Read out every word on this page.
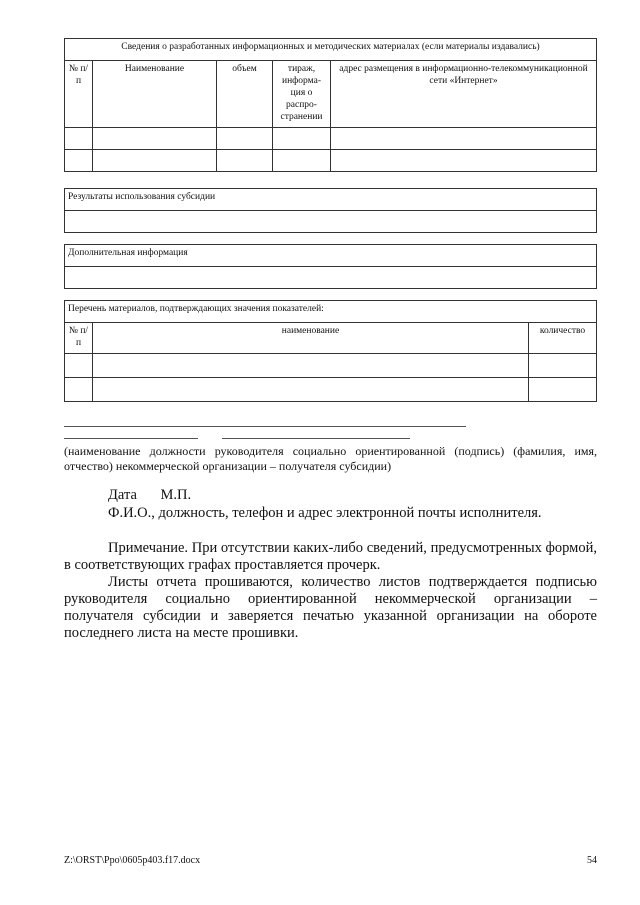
Сведения о разработанных информационных и методических материалах (если материалы издавались)				
№ п/п	Наименование	объем	тираж, информа-ция о распро-странении	адрес размещения в информационно-телекоммуникационной сети «Интернет»

Результаты использования субсидии

Дополнительная информация

Перечень материалов, подтверждающих значения показателей:		
№ п/п	наименование	количество

(наименование должности руководителя социально ориентированной (подпись) (фамилия, имя, отчество) некоммерческой организации – получателя субсидии)
Дата М.П.
Ф.И.О., должность, телефон и адрес электронной почты исполнителя.

Примечание. При отсутствии каких-либо сведений, предусмотренных формой, в соответствующих графах проставляется прочерк.

Листы отчета прошиваются, количество листов подтверждается подписью руководителя социально ориентированной некоммерческой организации – получателя субсидии и заверяется печатью указанной организации на обороте последнего листа на месте прошивки.

Z:\ORST\Ppo\0605p403.f17.docx	54
